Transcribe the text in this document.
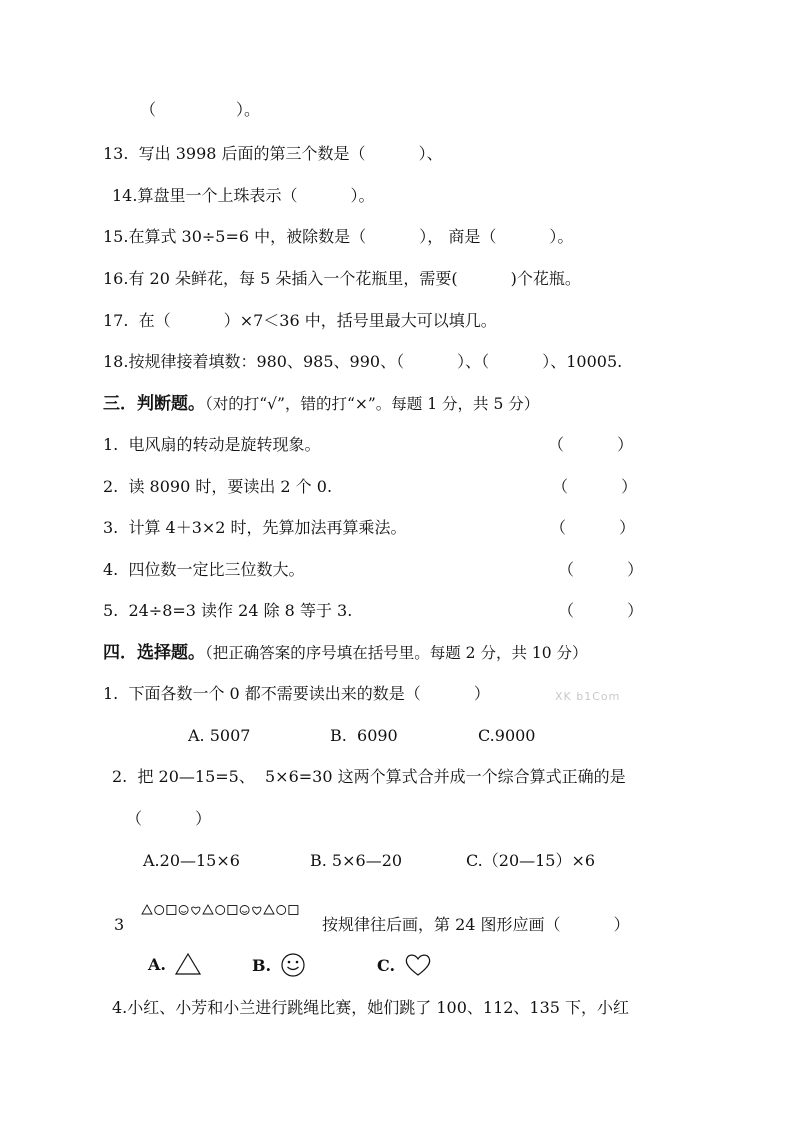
（　　　　　）。
13.  写出 3998 后面的第三个数是（　　　 ）、
14.算盘里一个上珠表示（　　　 ）。
15.在算式 30÷5=6 中，被除数是（　　　 ）， 商是（　　　 ）。
16.有 20 朵鲜花，每 5 朵插入一个花瓶里，需要(　　　 )个花瓶。
17.  在（　　　 ）×7＜36 中，括号里最大可以填几。
18.按规律接着填数：980、985、990、（　　　 ）、（　　　 ）、10005.
三．判断题。（对的打“√”，错的打“×”。每题 1 分，共 5 分）
1.  电风扇的转动是旋转现象。	（　　　 ）
2.  读 8090 时，要读出 2 个 0.	（　　　 ）
3.  计算 4＋3×2 时，先算加法再算乘法。	（　　　 ）
4.  四位数一定比三位数大。	（　　　 ）
5.  24÷8=3 读作 24 除 8 等于 3.	（　　　 ）
四．选择题。（把正确答案的序号填在括号里。每题 2 分，共 10 分）
1.  下面各数一个 0 都不需要读出来的数是（　　　 ）	XK b1Com
A. 5007	B.  6090	C.9000
2.  把 20—15=5、  5×6=30 这两个算式合并成一个综合算式正确的是
（　　　 ）
A.20—15×6	B. 5×6—20	C.（20—15）×6
3	按规律往后画，第 24 图形应画（　　　 ）
A.	B.	C.
4.小红、小芳和小兰进行跳绳比赛，她们跳了 100、112、135 下，小红
